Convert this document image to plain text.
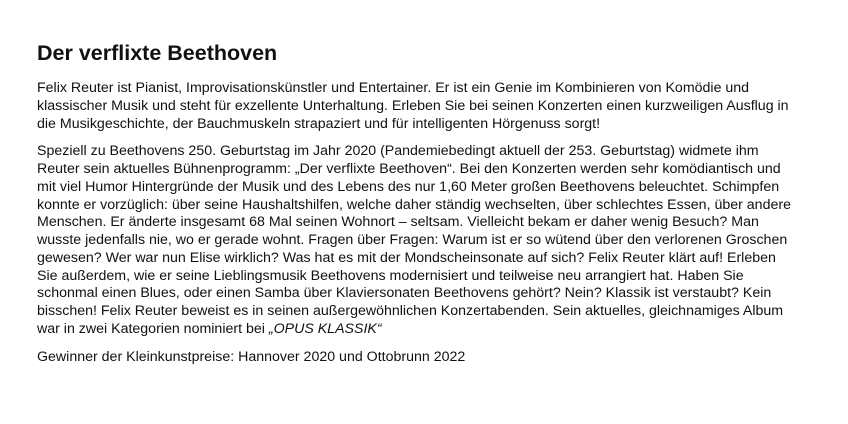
Der verflixte Beethoven

Felix Reuter ist Pianist, Improvisationskünstler und Entertainer. Er ist ein Genie im Kombinieren von Komödie und klassischer Musik und steht für exzellente Unterhaltung. Erleben Sie bei seinen Konzerten einen kurzweiligen Ausflug in die Musikgeschichte, der Bauchmuskeln strapaziert und für intelligenten Hörgenuss sorgt!

Speziell zu Beethovens 250. Geburtstag im Jahr 2020 (Pandemiebedingt aktuell der 253. Geburtstag) widmete ihm Reuter sein aktuelles Bühnenprogramm: „Der verflixte Beethoven“. Bei den Konzerten werden sehr komödiantisch und mit viel Humor Hintergründe der Musik und des Lebens des nur 1,60 Meter großen Beethovens beleuchtet. Schimpfen konnte er vorzüglich: über seine Haushaltshilfen, welche daher ständig wechselten, über schlechtes Essen, über andere Menschen. Er änderte insgesamt 68 Mal seinen Wohnort – seltsam. Vielleicht bekam er daher wenig Besuch? Man wusste jedenfalls nie, wo er gerade wohnt. Fragen über Fragen: Warum ist er so wütend über den verlorenen Groschen gewesen? Wer war nun Elise wirklich? Was hat es mit der Mondscheinsonate auf sich? Felix Reuter klärt auf! Erleben Sie außerdem, wie er seine Lieblingsmusik Beethovens modernisiert und teilweise neu arrangiert hat. Haben Sie schonmal einen Blues, oder einen Samba über Klaviersonaten Beethovens gehört? Nein? Klassik ist verstaubt? Kein bisschen! Felix Reuter beweist es in seinen außergewöhnlichen Konzertabenden. Sein aktuelles, gleichnamiges Album war in zwei Kategorien nominiert bei „OPUS KLASSIK“

Gewinner der Kleinkunstpreise: Hannover 2020 und Ottobrunn 2022
